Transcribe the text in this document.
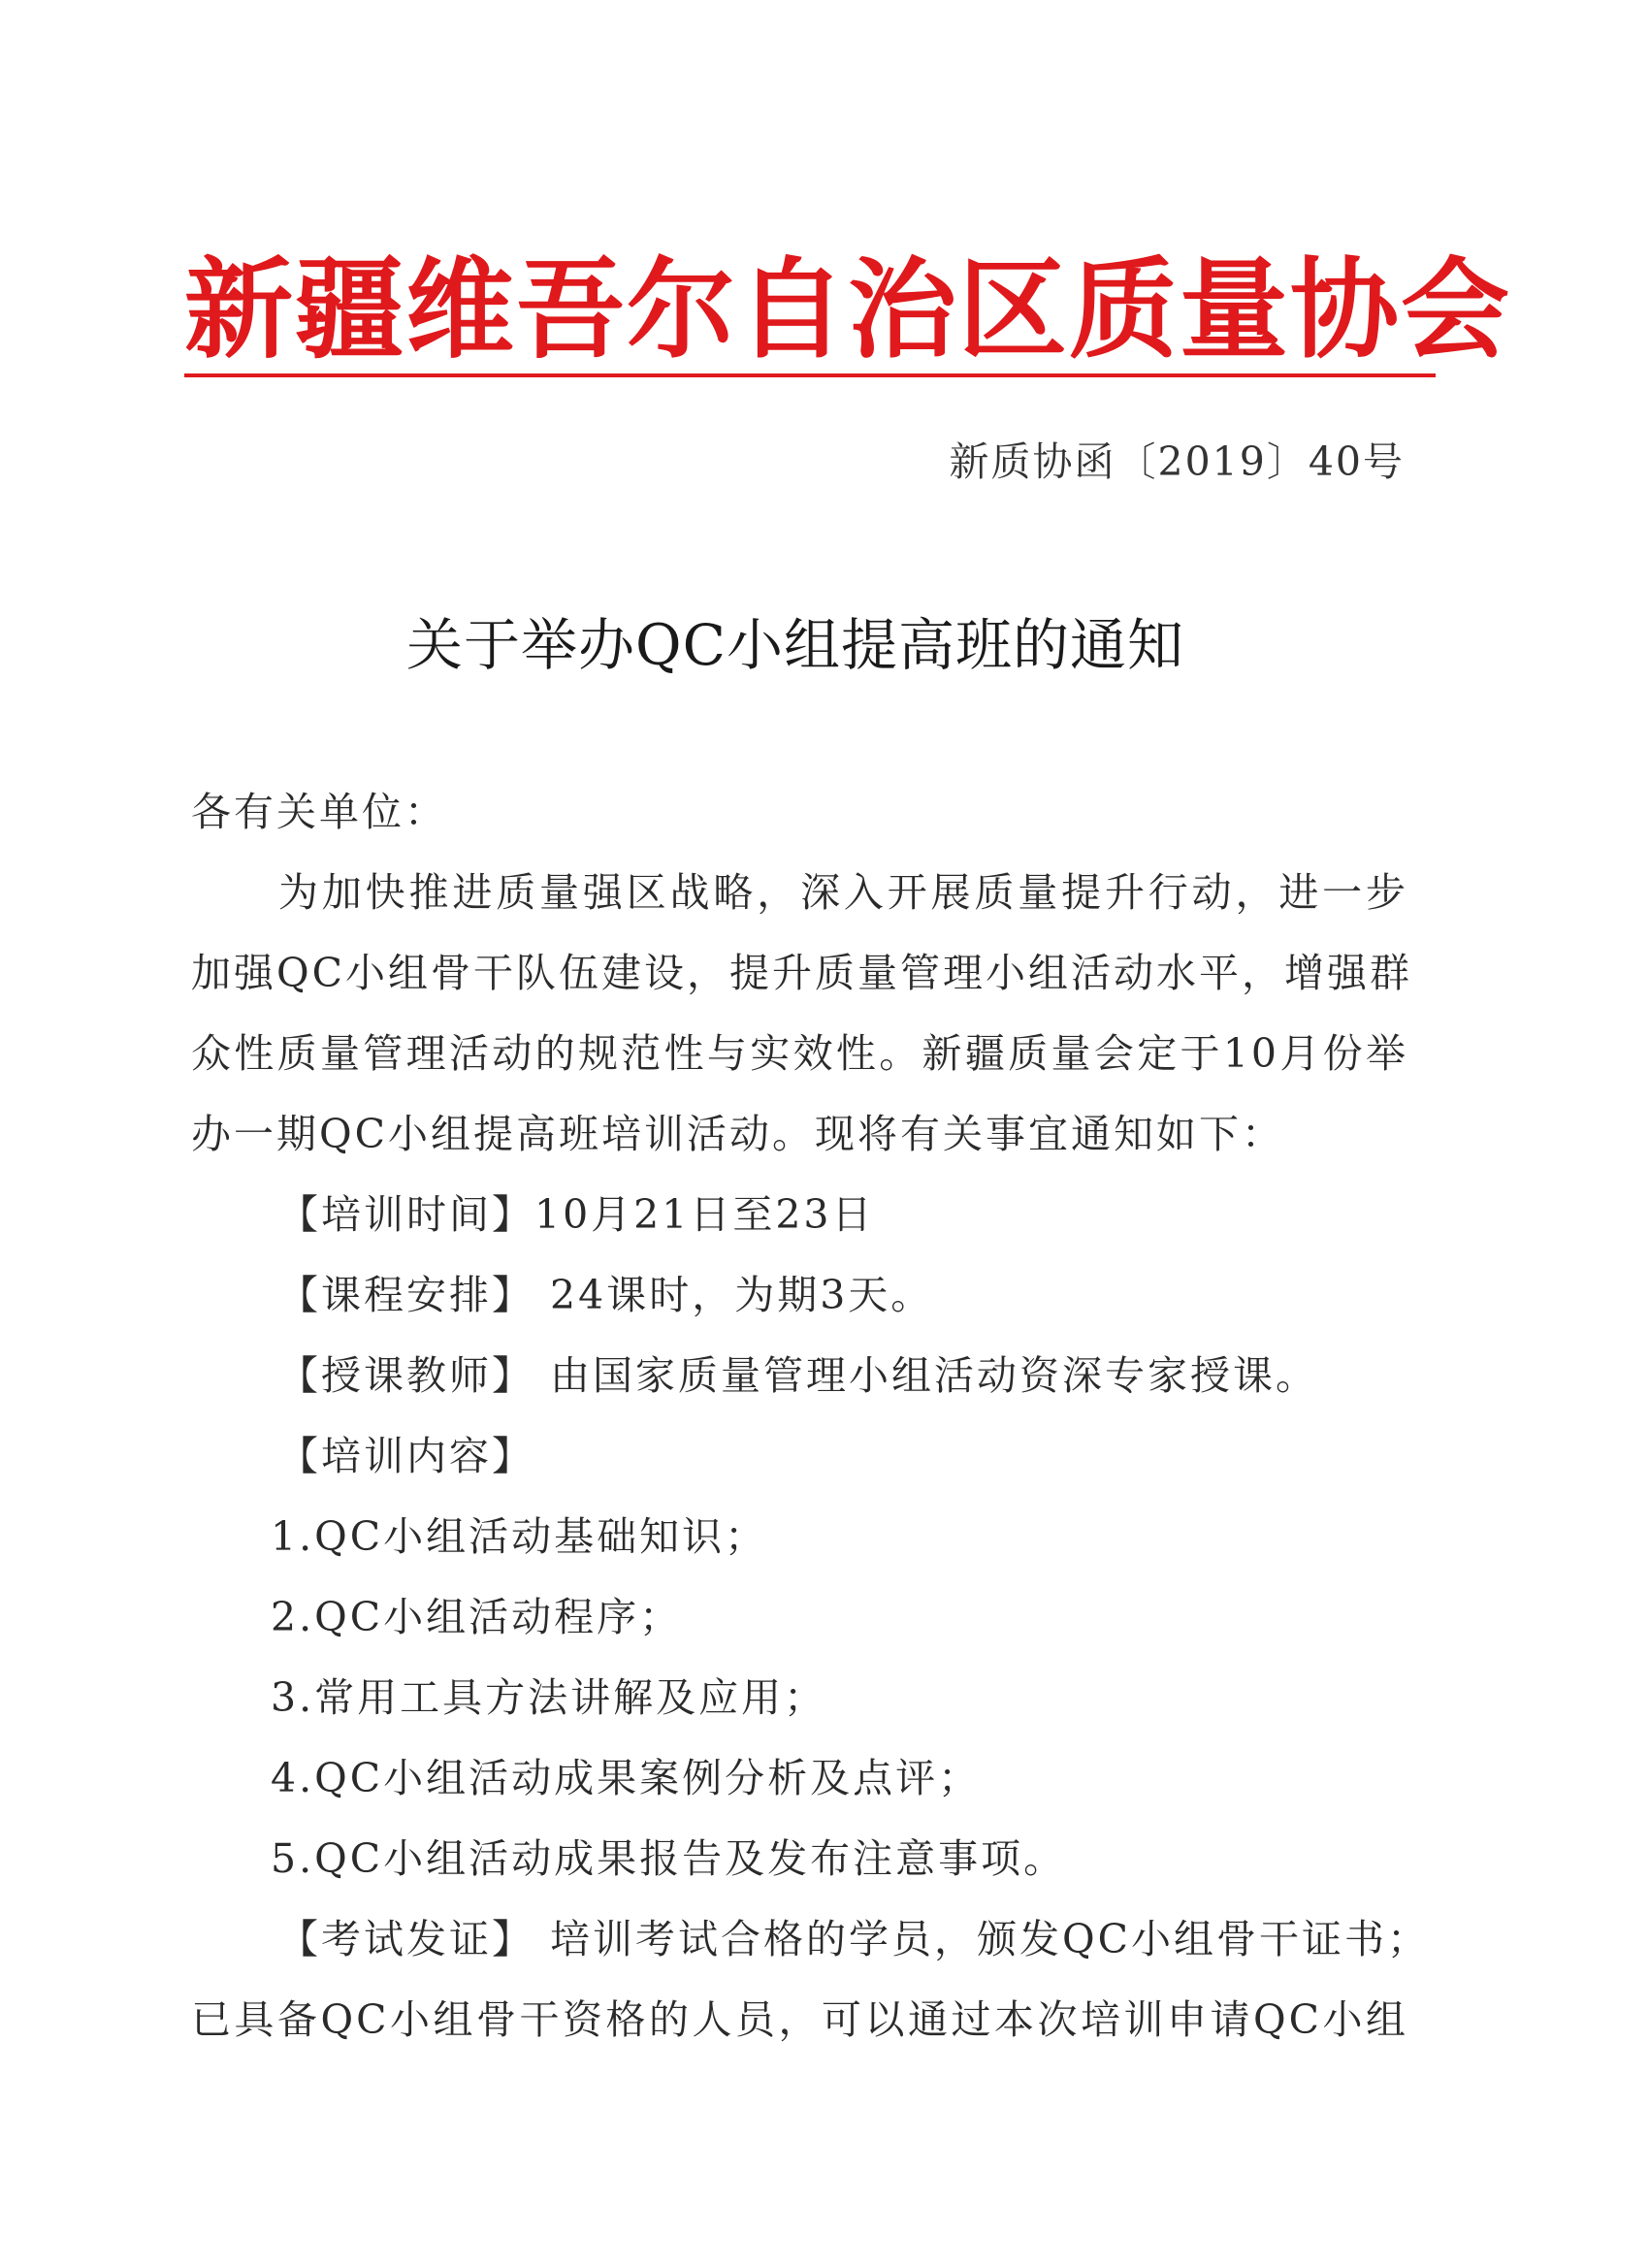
新疆维吾尔自治区质量协会
新质协函〔2019〕40号
关于举办QC小组提高班的通知
各有关单位：
为加快推进质量强区战略，深入开展质量提升行动，进一步
加强QC小组骨干队伍建设，提升质量管理小组活动水平，增强群
众性质量管理活动的规范性与实效性。新疆质量会定于10月份举
办一期QC小组提高班培训活动。现将有关事宜通知如下：
【培训时间】10月21日至23日
【课程安排】 24课时，为期3天。
【授课教师】 由国家质量管理小组活动资深专家授课。
【培训内容】
1.QC小组活动基础知识；
2.QC小组活动程序；
3.常用工具方法讲解及应用；
4.QC小组活动成果案例分析及点评；
5.QC小组活动成果报告及发布注意事项。
【考试发证】 培训考试合格的学员，颁发QC小组骨干证书；
已具备QC小组骨干资格的人员，可以通过本次培训申请QC小组
